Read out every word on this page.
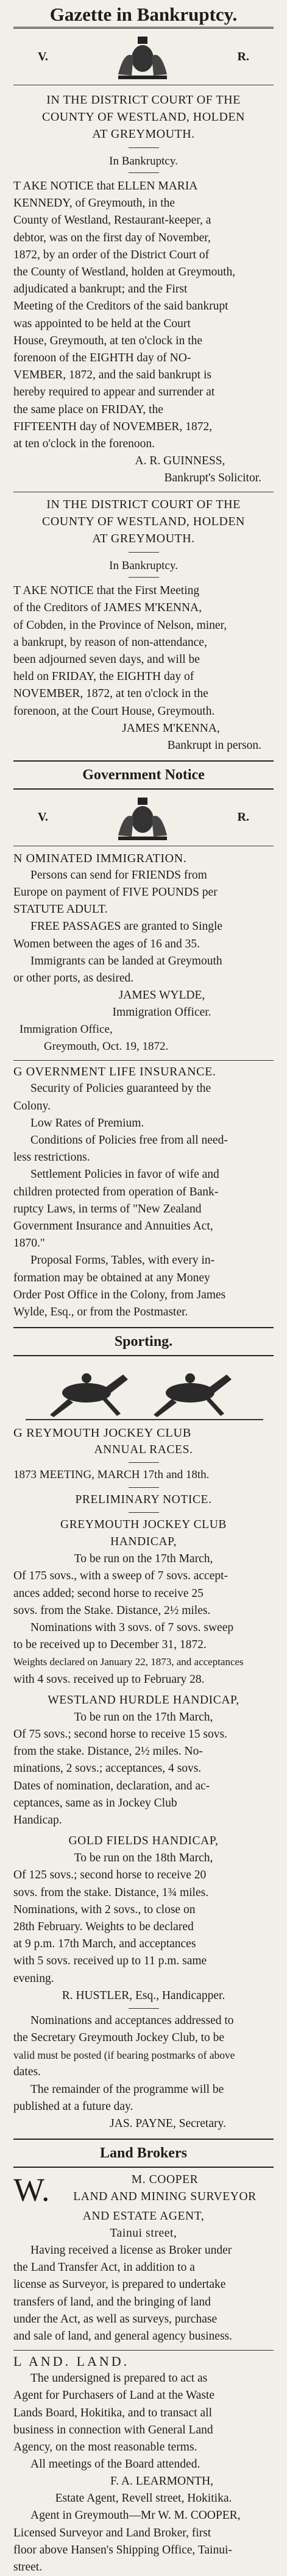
Gazette in Bankruptcy.
V.	R.
IN THE DISTRICT COURT OF THE
COUNTY OF WESTLAND, HOLDEN
AT GREYMOUTH.
In Bankruptcy.
T AKE NOTICE that ELLEN MARIA
KENNEDY, of Greymouth, in the
County of Westland, Restaurant-keeper, a
debtor, was on the first day of November,
1872, by an order of the District Court of
the County of Westland, holden at Greymouth,
adjudicated a bankrupt; and the First
Meeting of the Creditors of the said bankrupt
was appointed to be held at the Court
House, Greymouth, at ten o'clock in the
forenoon of the EIGHTH day of NO-
VEMBER, 1872, and the said bankrupt is
hereby required to appear and surrender at
the same place on FRIDAY, the
FIFTEENTH day of NOVEMBER, 1872,
at ten o'clock in the forenoon.
A. R. GUINNESS,
Bankrupt's Solicitor.
IN THE DISTRICT COURT OF THE
COUNTY OF WESTLAND, HOLDEN
AT GREYMOUTH.
In Bankruptcy.
T AKE NOTICE that the First Meeting
of the Creditors of JAMES M'KENNA,
of Cobden, in the Province of Nelson, miner,
a bankrupt, by reason of non-attendance,
been adjourned seven days, and will be
held on FRIDAY, the EIGHTH day of
NOVEMBER, 1872, at ten o'clock in the
forenoon, at the Court House, Greymouth.
JAMES M'KENNA,
Bankrupt in person.
Government Notice
V.	R.
N OMINATED IMMIGRATION.
Persons can send for FRIENDS from
Europe on payment of FIVE POUNDS per
STATUTE ADULT.
FREE PASSAGES are granted to Single
Women between the ages of 16 and 35.
Immigrants can be landed at Greymouth
or other ports, as desired.
JAMES WYLDE,
Immigration Officer.
Immigration Office,
Greymouth, Oct. 19, 1872.
G OVERNMENT LIFE INSURANCE.
Security of Policies guaranteed by the
Colony.
Low Rates of Premium.
Conditions of Policies free from all need-
less restrictions.
Settlement Policies in favor of wife and
children protected from operation of Bank-
ruptcy Laws, in terms of "New Zealand
Government Insurance and Annuities Act,
1870."
Proposal Forms, Tables, with every in-
formation may be obtained at any Money
Order Post Office in the Colony, from James
Wylde, Esq., or from the Postmaster.
Sporting.
G REYMOUTH JOCKEY CLUB
ANNUAL RACES.
1873 MEETING, MARCH 17th and 18th.
PRELIMINARY NOTICE.
GREYMOUTH JOCKEY CLUB
HANDICAP,
To be run on the 17th March,
Of 175 sovs., with a sweep of 7 sovs. accept-
ances added; second horse to receive 25
sovs. from the Stake. Distance, 2½ miles.
Nominations with 3 sovs. of 7 sovs. sweep
to be received up to December 31, 1872.
Weights declared on January 22, 1873, and acceptances
with 4 sovs. received up to February 28.
WESTLAND HURDLE HANDICAP,
To be run on the 17th March,
Of 75 sovs.; second horse to receive 15 sovs.
from the stake. Distance, 2½ miles. No-
minations, 2 sovs.; acceptances, 4 sovs.
Dates of nomination, declaration, and ac-
ceptances, same as in Jockey Club
Handicap.
GOLD FIELDS HANDICAP,
To be run on the 18th March,
Of 125 sovs.; second horse to receive 20
sovs. from the stake. Distance, 1¾ miles.
Nominations, with 2 sovs., to close on
28th February. Weights to be declared
at 9 p.m. 17th March, and acceptances
with 5 sovs. received up to 11 p.m. same
evening.
R. HUSTLER, Esq., Handicapper.
Nominations and acceptances addressed to
the Secretary Greymouth Jockey Club, to be
valid must be posted (if bearing postmarks of above
dates.
The remainder of the programme will be
published at a future day.
JAS. PAYNE, Secretary.
Land Brokers
W.	M. COOPER
LAND AND MINING SURVEYOR
AND ESTATE AGENT,
Tainui street,
Having received a license as Broker under
the Land Transfer Act, in addition to a
license as Surveyor, is prepared to undertake
transfers of land, and the bringing of land
under the Act, as well as surveys, purchase
and sale of land, and general agency business.
L AND. LAND.
The undersigned is prepared to act as
Agent for Purchasers of Land at the Waste
Lands Board, Hokitika, and to transact all
business in connection with General Land
Agency, on the most reasonable terms.
All meetings of the Board attended.
F. A. LEARMONTH,
Estate Agent, Revell street, Hokitika.
Agent in Greymouth—Mr W. M. COOPER,
Licensed Surveyor and Land Broker, first
floor above Hansen's Shipping Office, Tainui-
street.
